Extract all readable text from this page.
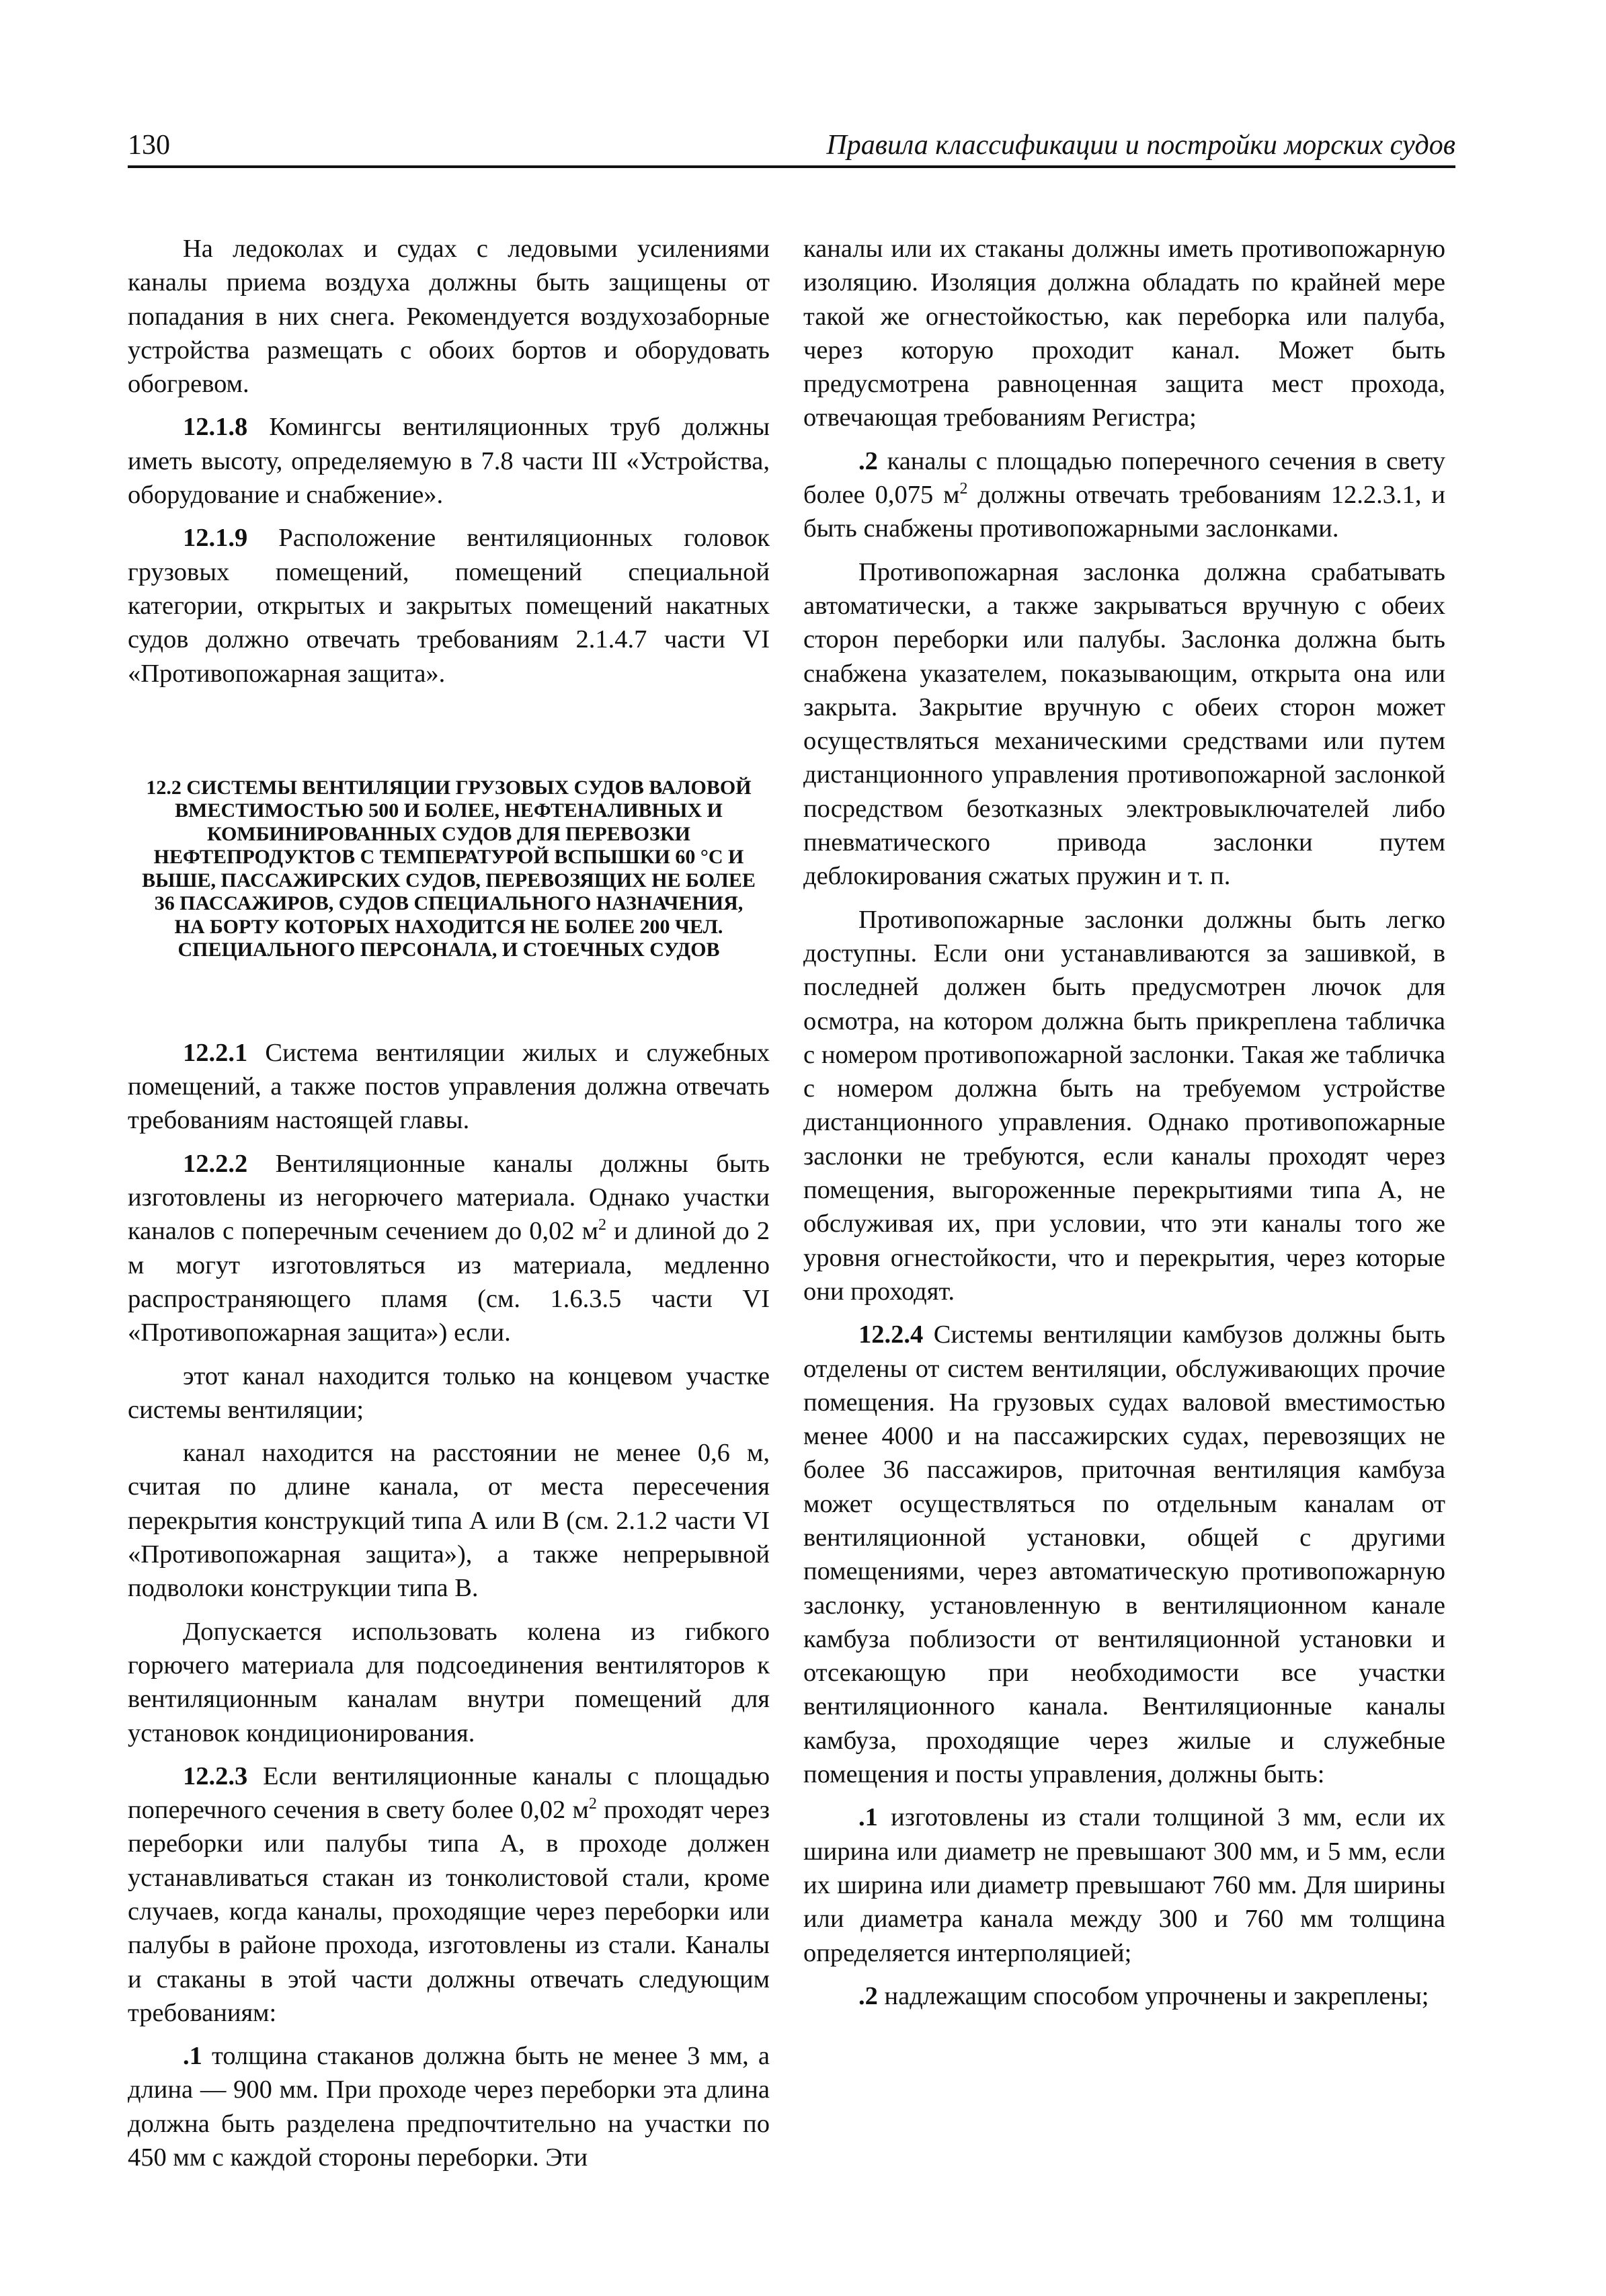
130	Правила классификации и постройки морских судов

На ледоколах и судах с ледовыми усилениями каналы приема воздуха должны быть защищены от попадания в них снега. Рекомендуется воздухозаборные устройства размещать с обоих бортов и оборудовать обогревом.

12.1.8 Комингсы вентиляционных труб должны иметь высоту, определяемую в 7.8 части III «Устройства, оборудование и снабжение».

12.1.9 Расположение вентиляционных головок грузовых помещений, помещений специальной категории, открытых и закрытых помещений накатных судов должно отвечать требованиям 2.1.4.7 части VI «Противопожарная защита».

12.2 СИСТЕМЫ ВЕНТИЛЯЦИИ ГРУЗОВЫХ СУДОВ ВАЛОВОЙ ВМЕСТИМОСТЬЮ 500 И БОЛЕЕ, НЕФТЕНАЛИВНЫХ И КОМБИНИРОВАННЫХ СУДОВ ДЛЯ ПЕРЕВОЗКИ НЕФТЕПРОДУКТОВ С ТЕМПЕРАТУРОЙ ВСПЫШКИ 60 °С И ВЫШЕ, ПАССАЖИРСКИХ СУДОВ, ПЕРЕВОЗЯЩИХ НЕ БОЛЕЕ 36 ПАССАЖИРОВ, СУДОВ СПЕЦИАЛЬНОГО НАЗНАЧЕНИЯ, НА БОРТУ КОТОРЫХ НАХОДИТСЯ НЕ БОЛЕЕ 200 ЧЕЛ. СПЕЦИАЛЬНОГО ПЕРСОНАЛА, И СТОЕЧНЫХ СУДОВ

12.2.1 Система вентиляции жилых и служебных помещений, а также постов управления должна отвечать требованиям настоящей главы.

12.2.2 Вентиляционные каналы должны быть изготовлены из негорючего материала. Однако участки каналов с поперечным сечением до 0,02 $м^2$ и длиной до 2 м могут изготовляться из материала, медленно распространяющего пламя (см. 1.6.3.5 части VI «Противопожарная защита») если.

этот канал находится только на концевом участке системы вентиляции;

канал находится на расстоянии не менее 0,6 м, считая по длине канала, от места пересечения перекрытия конструкций типа А или В (см. 2.1.2 части VI «Противопожарная защита»), а также непрерывной подволоки конструкции типа В.

Допускается использовать колена из гибкого горючего материала для подсоединения вентиляторов к вентиляционным каналам внутри помещений для установок кондиционирования.

12.2.3 Если вентиляционные каналы с площадью поперечного сечения в свету более 0,02 $м^2$ проходят через переборки или палубы типа А, в проходе должен устанавливаться стакан из тонколистовой стали, кроме случаев, когда каналы, проходящие через переборки или палубы в районе прохода, изготовлены из стали. Каналы и стаканы в этой части должны отвечать следующим требованиям:

.1 толщина стаканов должна быть не менее 3 мм, а длина — 900 мм. При проходе через переборки эта длина должна быть разделена предпочтительно на участки по 450 мм с каждой стороны переборки. Эти

каналы или их стаканы должны иметь противопожарную изоляцию. Изоляция должна обладать по крайней мере такой же огнестойкостью, как переборка или палуба, через которую проходит канал. Может быть предусмотрена равноценная защита мест прохода, отвечающая требованиям Регистра;

.2 каналы с площадью поперечного сечения в свету более 0,075 $м^2$ должны отвечать требованиям 12.2.3.1, и быть снабжены противопожарными заслонками.

Противопожарная заслонка должна срабатывать автоматически, а также закрываться вручную с обеих сторон переборки или палубы. Заслонка должна быть снабжена указателем, показывающим, открыта она или закрыта. Закрытие вручную с обеих сторон может осуществляться механическими средствами или путем дистанционного управления противопожарной заслонкой посредством безотказных электровыключателей либо пневматического привода заслонки путем деблокирования сжатых пружин и т. п.

Противопожарные заслонки должны быть легко доступны. Если они устанавливаются за зашивкой, в последней должен быть предусмотрен лючок для осмотра, на котором должна быть прикреплена табличка с номером противопожарной заслонки. Такая же табличка с номером должна быть на требуемом устройстве дистанционного управления. Однако противопожарные заслонки не требуются, если каналы проходят через помещения, выгороженные перекрытиями типа А, не обслуживая их, при условии, что эти каналы того же уровня огнестойкости, что и перекрытия, через которые они проходят.

12.2.4 Системы вентиляции камбузов должны быть отделены от систем вентиляции, обслуживающих прочие помещения. На грузовых судах валовой вместимостью менее 4000 и на пассажирских судах, перевозящих не более 36 пассажиров, приточная вентиляция камбуза может осуществляться по отдельным каналам от вентиляционной установки, общей с другими помещениями, через автоматическую противопожарную заслонку, установленную в вентиляционном канале камбуза поблизости от вентиляционной установки и отсекающую при необходимости все участки вентиляционного канала. Вентиляционные каналы камбуза, проходящие через жилые и служебные помещения и посты управления, должны быть:

.1 изготовлены из стали толщиной 3 мм, если их ширина или диаметр не превышают 300 мм, и 5 мм, если их ширина или диаметр превышают 760 мм. Для ширины или диаметра канала между 300 и 760 мм толщина определяется интерполяцией;

.2 надлежащим способом упрочнены и закреплены;
